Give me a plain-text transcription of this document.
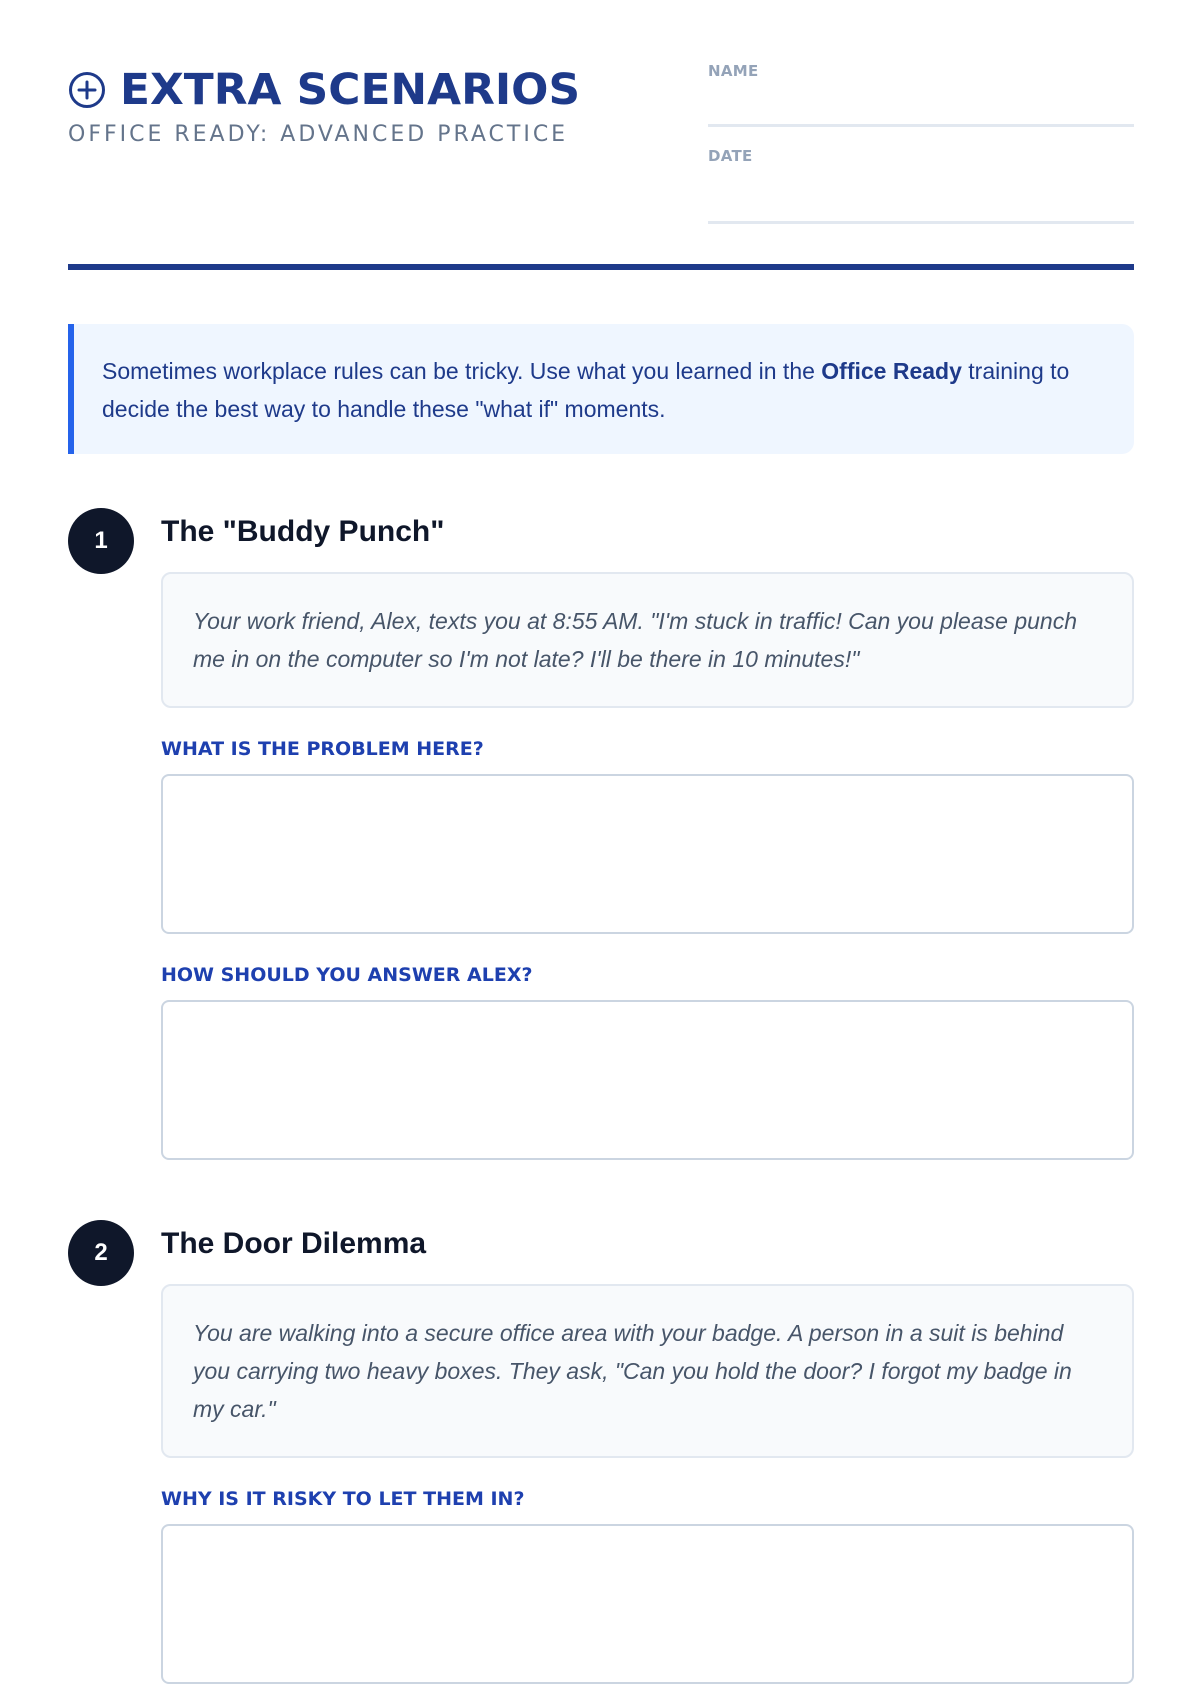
EXTRA SCENARIOS
OFFICE READY: ADVANCED PRACTICE
NAME
DATE

Sometimes workplace rules can be tricky. Use what you learned in the Office Ready training to decide the best way to handle these "what if" moments.

1	The "Buddy Punch"
Your work friend, Alex, texts you at 8:55 AM. "I'm stuck in traffic! Can you please punch me in on the computer so I'm not late? I'll be there in 10 minutes!"
WHAT IS THE PROBLEM HERE?
HOW SHOULD YOU ANSWER ALEX?
2	The Door Dilemma
You are walking into a secure office area with your badge. A person in a suit is behind you carrying two heavy boxes. They ask, "Can you hold the door? I forgot my badge in my car."
WHY IS IT RISKY TO LET THEM IN?
